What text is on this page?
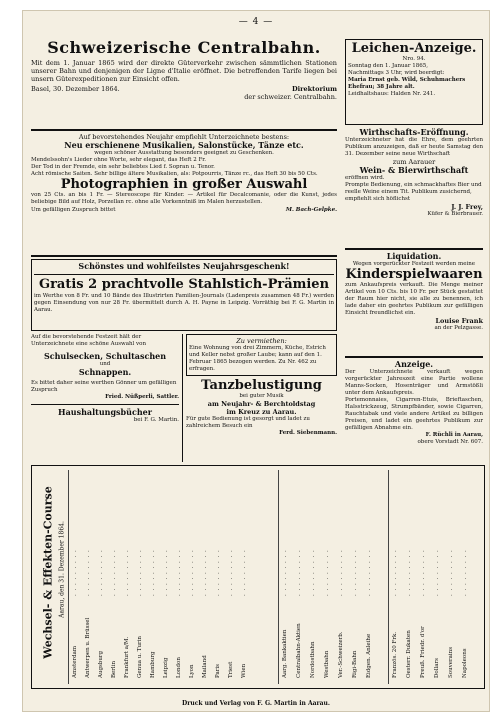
— 4 —
Schweizerische Centralbahn.
Mit dem 1. Januar 1865 wird der direkte Güterverkehr zwischen sämmtlichen Stationen unserer Bahn und denjenigen der Ligne d'Italie eröffnet. Die betreffenden Tarife liegen bei unsern Güterexpeditionen zur Einsicht offen.
Basel, 30. Dezember 1864.	Direktorium
der schweizer. Centralbahn.
Auf bevorstehendes Neujahr empfiehlt Unterzeichnete bestens:
Neu erschienene Musikalien, Salonstücke, Tänze etc.
wegen schöner Ausstattung besonders geeignet zu Geschenken.
Mendelssohn's Lieder ohne Worte, sehr elegant, das Heft 2 Fr.
Der Tod in der Fremde, ein sehr beliebtes Lied f. Sopran u. Tenor.
Acht römische Saiten. Sehr billige ältere Musikalien, als: Potpourris, Tänze rc., das Heft 30 bis 50 Cts.
Photographien in großer Auswahl
von 25 Cts. an bis 1 Fr. — Stereoscope für Kinder. — Artikel für Decalcomanie, oder die Kunst, jedes beliebige Bild auf Holz, Porzellan rc. ohne alle Vorkenntniß im Malen herzustellen.
Um gefälligen Zuspruch bittet	M. Bach-Gelpke.
Schönstes und wohlfeilstes Neujahrsgeschenk!
Gratis 2 prachtvolle Stahlstich-Prämien
im Werthe von 8 Fr. und 10 Bände des Illustrirten Familien-Journals (Ladenpreis zusammen 48 Fr.) werden gegen Einsendung von nur 28 Fr. übermittelt durch A. H. Payne in Leipzig. Vorräthig bei F. G. Martin in Aarau.
Auf die bevorstehende Festzeit hält der Unterzeichnete eine schöne Auswahl von
Schulsecken, Schultaschen
und
Schnappen.
Es bittet daher seine werthen Gönner um gefälligen Zuspruch
Fried. Nüßperli, Sattler.
Haushaltungsbücher
bei F. G. Martin.
Zu vermiethen:
Eine Wohnung von drei Zimmern, Küche, Estrich und Keller nebst großer Laube; kann auf den 1. Februar 1865 bezogen werden. Zu Nr. 462 zu erfragen.
Tanzbelustigung
bei guter Musik
am Neujahr- & Berchtoldstag
im Kreuz zu Aarau.
Für gute Bedienung ist gesorgt und ladet zu zahlreichem Besuch ein
Ferd. Siebenmann.
Leichen-Anzeige.
Nro. 94.
Sonntag den 1. Januar 1865,
Nachmittags 3 Uhr, wird beerdigt:
Maria Ernst geb. Wild, Schuhmachers Ehefrau; 38 Jahre alt.
Leidhaltshaus: Halden Nr. 241.
Wirthschafts-Eröffnung.
Unterzeichneter hat die Ehre, dem geehrten Publikum anzuzeigen, daß er heute Samstag den 31. Dezember seine neue Wirthschaft
zum Aarauer
Wein- & Bierwirthschaft
eröffnen wird.
Prompte Bedienung, ein schmackhaftes Bier und reelle Weine einem Tit. Publikum zusichernd, empfiehlt sich höflichst
J. J. Frey,
Küfer & Bierbrauer.
Liquidation.
Wegen vorgerückter Festzeit werden meine
Kinderspielwaaren
zum Ankaufspreis verkauft. Die Menge meiner Artikel von 10 Cts. bis 10 Fr. per Stück gestattet der Raum hier nicht, sie alle zu benennen, ich lade daher ein geehrtes Publikum zur gefälligen Einsicht freundlichst ein.
Louise Frank
an der Pelzgasse.
Anzeige.
Der Unterzeichnete verkauft wegen vorgerückter Jahreszeit eine Partie wollene Manns-Socken, Hosenträger und Armstößli unter dem Ankaufspreis.
Portemonnaies, Cigarren-Etuis, Brieftaschen, Halsstrickzeug, Strumpfbänder, sowie Cigarren, Rauchtabak und viele andere Artikel zu billigen Preisen, und ladet ein geehrtes Publikum zur gefälligen Abnahme ein.
F. Rüchli in Aarau,
obere Vorstadt Nr. 607.
Wechsel- & Effekten-Course Aarau, den 31. Dezember 1864.
Amsterdam
. . . . . . . . .
Antwerpen u. Brüssel
. . . . . . . . .
Augsburg
. . . . . . . . .
Berlin
. . . . . . . . .
Frankfurt a/M.
. . . . . . . . .
Genua u. Turin
. . . . . . . . .
Hamburg
. . . . . . . . .
Leipzig
. . . . . . . . .
London
. . . . . . . . .
Lyon
. . . . . . . . .
Mailand
. . . . . . . . .
Paris
. . . . . . . . .
Triest
. . . . . . . . .
Wien
. . . . . . . . .
Aarg. Bankaktien
. . . . . . . . .
Centralbahn-Aktien
. . . . . . . . .
Nordostbahn
. . . . . . . . .
Westbahn
. . . . . . . . .
Ver.-Schweizerb.
. . . . . . . . .
Rigi-Bahn
. . . . . . . . .
Eidgen. Anleihe
. . . . . . . . .
Französ. 20 Frk.
. . . . . . . . .
Oesterr. Dukaten
. . . . . . . . .
Preuß. Friedr. d'or
. . . . . . . . .
Dollars
. . . . . . . . .
Souverains
. . . . . . . . .
Napoleons
. . . . . . . . .
Druck und Verlag von F. G. Martin in Aarau.
